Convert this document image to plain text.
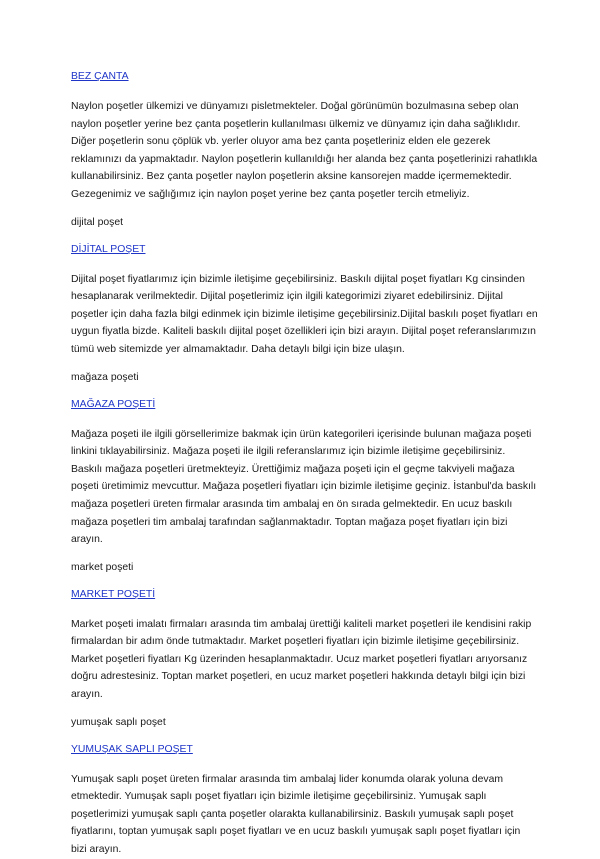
BEZ ÇANTA

Naylon poşetler ülkemizi ve dünyamızı pisletmekteler. Doğal görünümün bozulmasına sebep olan naylon poşetler yerine bez çanta poşetlerin kullanılması ülkemiz ve dünyamız için daha sağlıklıdır. Diğer poşetlerin sonu çöplük vb. yerler oluyor ama bez çanta poşetleriniz elden ele gezerek reklamınızı da yapmaktadır. Naylon poşetlerin kullanıldığı her alanda bez çanta poşetlerinizi rahatlıkla kullanabilirsiniz. Bez çanta poşetler naylon poşetlerin aksine kansorejen madde içermemektedir. Gezegenimiz ve sağlığımız için naylon poşet yerine bez çanta poşetler tercih etmeliyiz.

dijital poşet
DİJİTAL POŞET

Dijital poşet fiyatlarımız için bizimle iletişime geçebilirsiniz. Baskılı dijital poşet fiyatları Kg cinsinden hesaplanarak verilmektedir. Dijital poşetlerimiz için ilgili kategorimizi ziyaret edebilirsiniz. Dijital poşetler için daha fazla bilgi edinmek için bizimle iletişime geçebilirsiniz.Dijital baskılı poşet fiyatları en uygun fiyatla bizde. Kaliteli baskılı dijital poşet özellikleri için bizi arayın. Dijital poşet referanslarımızın tümü web sitemizde yer almamaktadır. Daha detaylı bilgi için bize ulaşın.

mağaza poşeti
MAĞAZA POŞETİ

Mağaza poşeti ile ilgili görsellerimize bakmak için ürün kategorileri içerisinde bulunan mağaza poşeti linkini tıklayabilirsiniz. Mağaza poşeti ile ilgili referanslarımız için bizimle iletişime geçebilirsiniz. Baskılı mağaza poşetleri üretmekteyiz. Ürettiğimiz mağaza poşeti için el geçme takviyeli mağaza poşeti üretimimiz mevcuttur. Mağaza poşetleri fiyatları için bizimle iletişime geçiniz. İstanbul'da baskılı mağaza poşetleri üreten firmalar arasında tim ambalaj en ön sırada gelmektedir. En ucuz baskılı mağaza poşetleri tim ambalaj tarafından sağlanmaktadır. Toptan mağaza poşet fiyatları için bizi arayın.

market poşeti
MARKET POŞETİ

Market poşeti imalatı firmaları arasında tim ambalaj ürettiği kaliteli market poşetleri ile kendisini rakip firmalardan bir adım önde tutmaktadır. Market poşetleri fiyatları için bizimle iletişime geçebilirsiniz. Market poşetleri fiyatları Kg üzerinden hesaplanmaktadır. Ucuz market poşetleri fiyatları arıyorsanız doğru adrestesiniz. Toptan market poşetleri, en ucuz market poşetleri hakkında detaylı bilgi için bizi arayın.

yumuşak saplı poşet
YUMUŞAK SAPLI POŞET

Yumuşak saplı poşet üreten firmalar arasında tim ambalaj lider konumda olarak yoluna devam etmektedir. Yumuşak saplı poşet fiyatları için bizimle iletişime geçebilirsiniz. Yumuşak saplı poşetlerimizi yumuşak saplı çanta poşetler olarakta kullanabilirsiniz. Baskılı yumuşak saplı poşet fiyatlarını, toptan yumuşak saplı poşet fiyatları ve en ucuz baskılı yumuşak saplı poşet fiyatları için bizi arayın.
